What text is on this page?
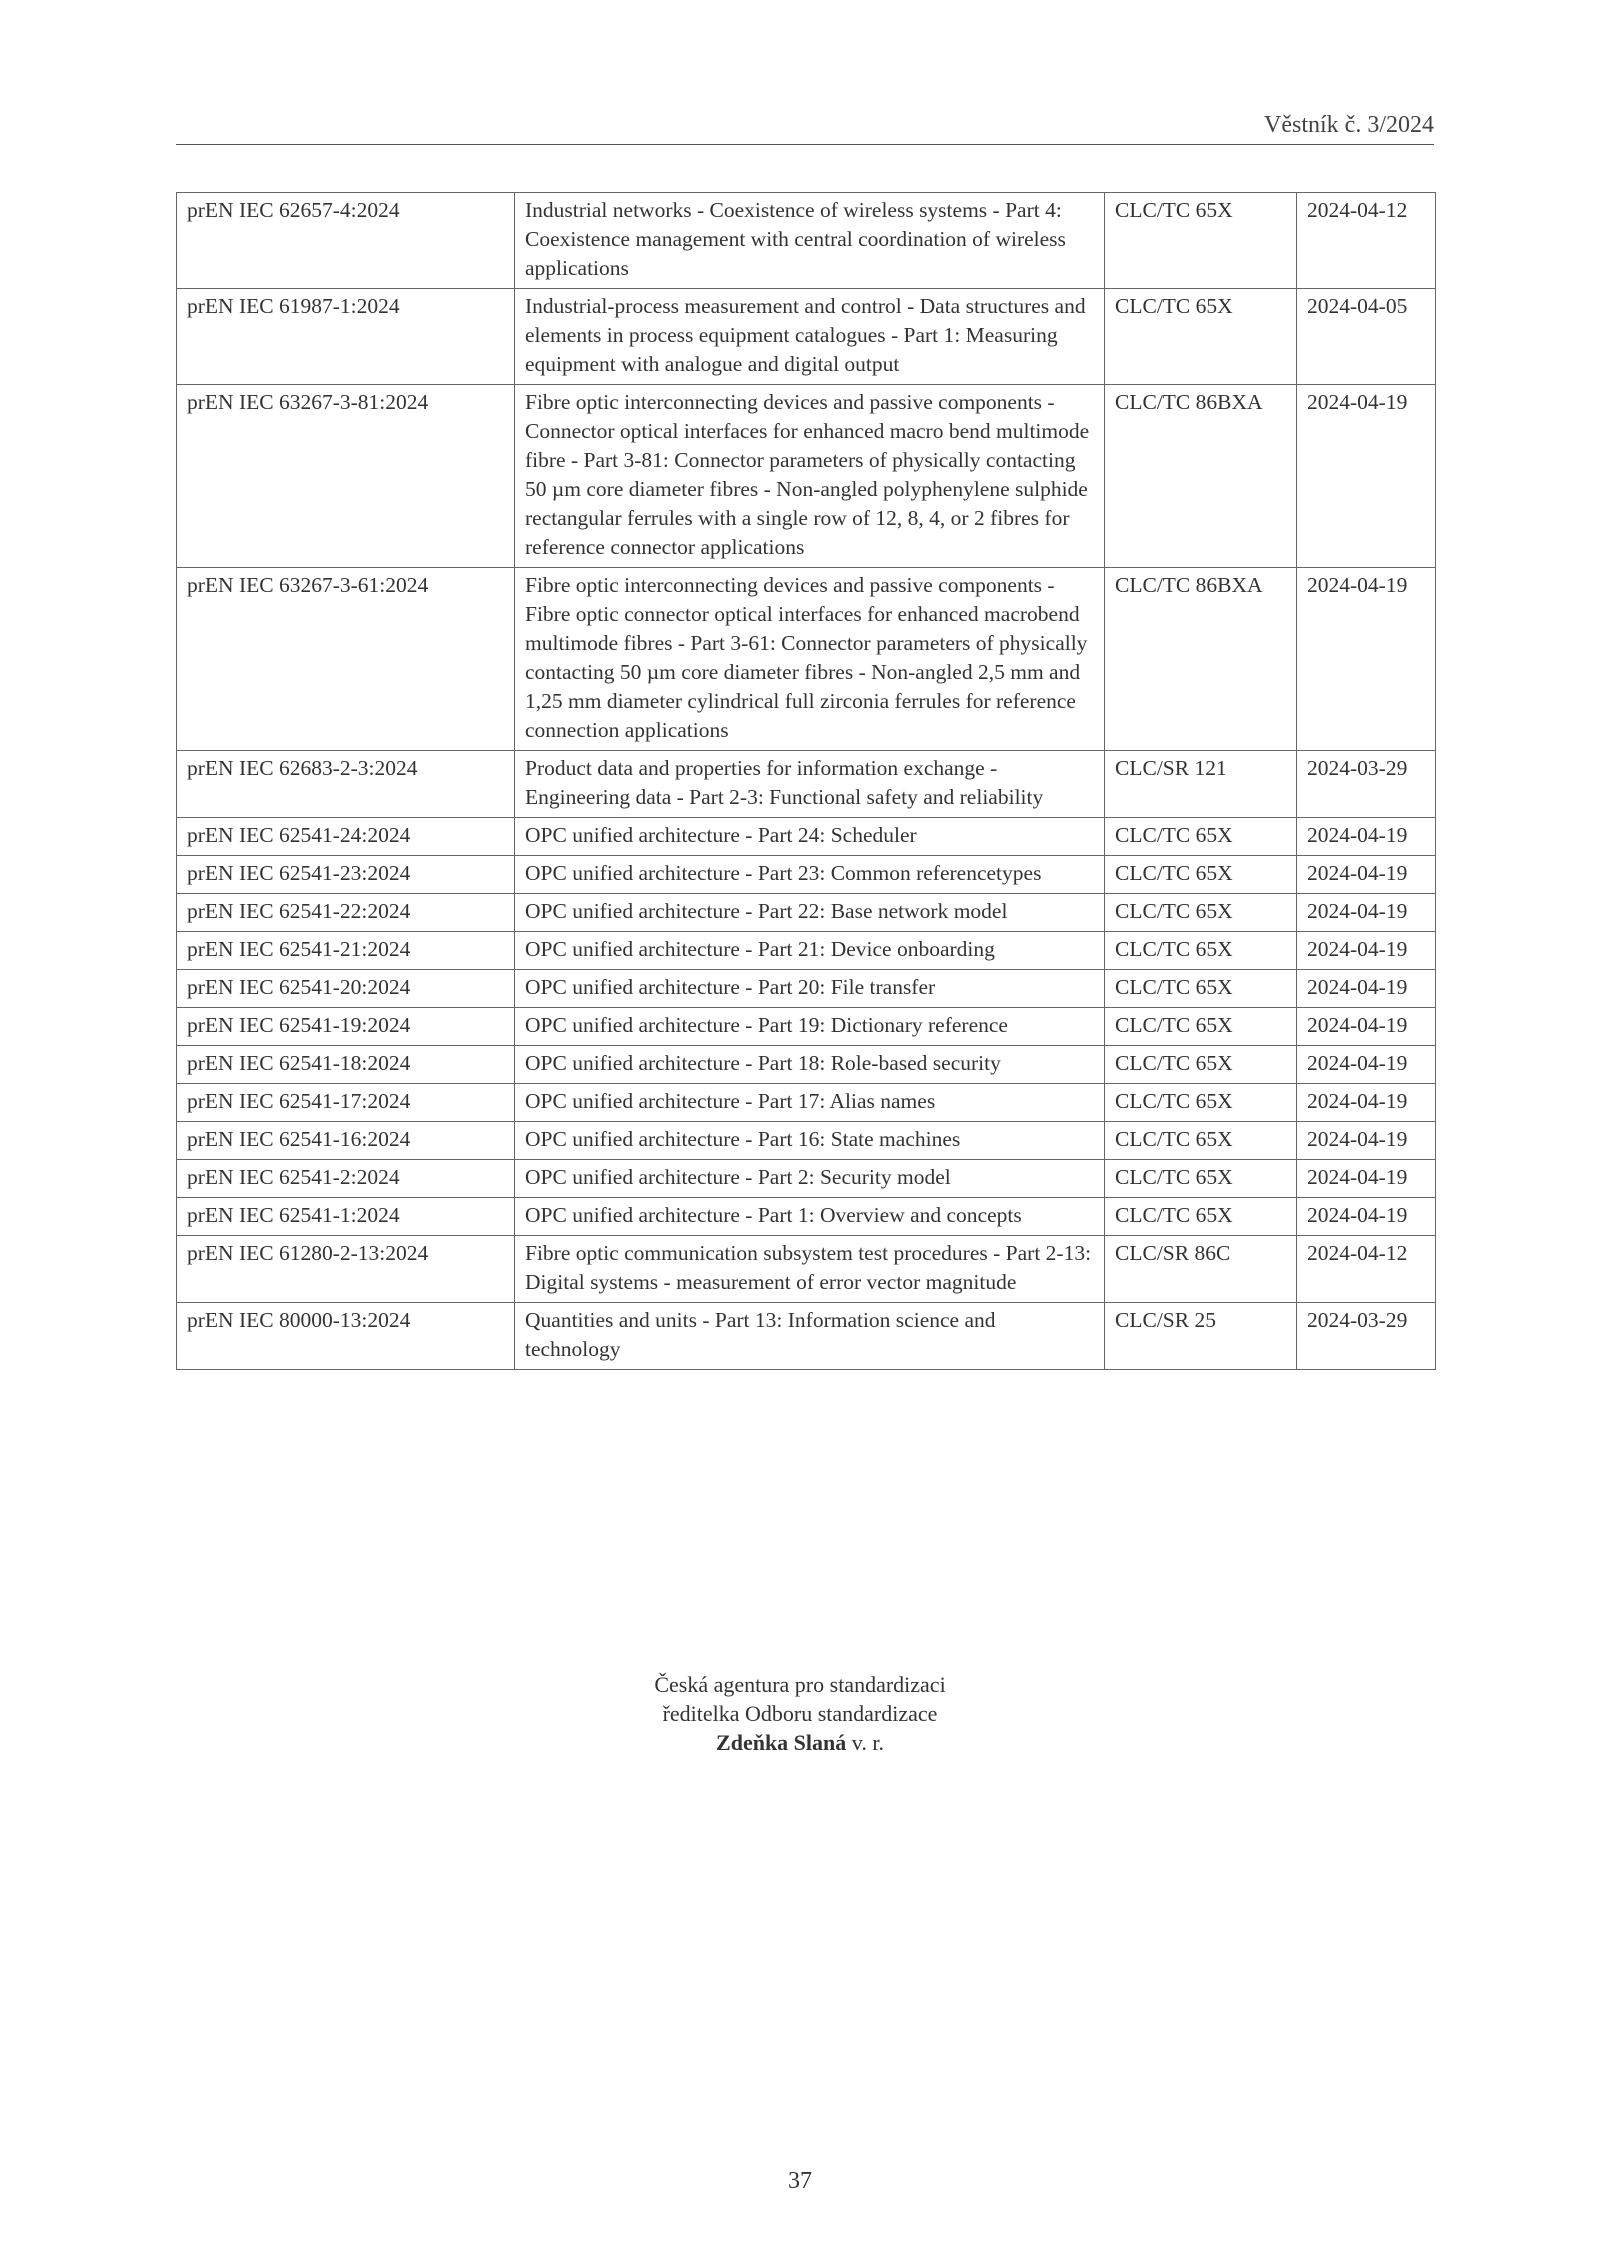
Věstník č. 3/2024
prEN IEC 62657-4:2024	Industrial networks - Coexistence of wireless systems - Part 4: Coexistence management with central coordination of wireless applications	CLC/TC 65X	2024-04-12
prEN IEC 61987-1:2024	Industrial-process measurement and control - Data structures and elements in process equipment catalogues - Part 1: Measuring equipment with analogue and digital output	CLC/TC 65X	2024-04-05
prEN IEC 63267-3-81:2024	Fibre optic interconnecting devices and passive components - Connector optical interfaces for enhanced macro bend multimode fibre - Part 3-81: Connector parameters of physically contacting 50 µm core diameter fibres - Non-angled polyphenylene sulphide rectangular ferrules with a single row of 12, 8, 4, or 2 fibres for reference connector applications	CLC/TC 86BXA	2024-04-19
prEN IEC 63267-3-61:2024	Fibre optic interconnecting devices and passive components - Fibre optic connector optical interfaces for enhanced macrobend multimode fibres - Part 3-61: Connector parameters of physically contacting 50 µm core diameter fibres - Non-angled 2,5 mm and 1,25 mm diameter cylindrical full zirconia ferrules for reference connection applications	CLC/TC 86BXA	2024-04-19
prEN IEC 62683-2-3:2024	Product data and properties for information exchange - Engineering data - Part 2-3: Functional safety and reliability	CLC/SR 121	2024-03-29
prEN IEC 62541-24:2024	OPC unified architecture - Part 24: Scheduler	CLC/TC 65X	2024-04-19
prEN IEC 62541-23:2024	OPC unified architecture - Part 23: Common referencetypes	CLC/TC 65X	2024-04-19
prEN IEC 62541-22:2024	OPC unified architecture - Part 22: Base network model	CLC/TC 65X	2024-04-19
prEN IEC 62541-21:2024	OPC unified architecture - Part 21: Device onboarding	CLC/TC 65X	2024-04-19
prEN IEC 62541-20:2024	OPC unified architecture - Part 20: File transfer	CLC/TC 65X	2024-04-19
prEN IEC 62541-19:2024	OPC unified architecture - Part 19: Dictionary reference	CLC/TC 65X	2024-04-19
prEN IEC 62541-18:2024	OPC unified architecture - Part 18: Role-based security	CLC/TC 65X	2024-04-19
prEN IEC 62541-17:2024	OPC unified architecture - Part 17: Alias names	CLC/TC 65X	2024-04-19
prEN IEC 62541-16:2024	OPC unified architecture - Part 16: State machines	CLC/TC 65X	2024-04-19
prEN IEC 62541-2:2024	OPC unified architecture - Part 2: Security model	CLC/TC 65X	2024-04-19
prEN IEC 62541-1:2024	OPC unified architecture - Part 1: Overview and concepts	CLC/TC 65X	2024-04-19
prEN IEC 61280-2-13:2024	Fibre optic communication subsystem test procedures - Part 2-13: Digital systems - measurement of error vector magnitude	CLC/SR 86C	2024-04-12
prEN IEC 80000-13:2024	Quantities and units - Part 13: Information science and technology	CLC/SR 25	2024-03-29
Česká agentura pro standardizaci
ředitelka Odboru standardizace
Zdeňka Slaná v. r.
37
